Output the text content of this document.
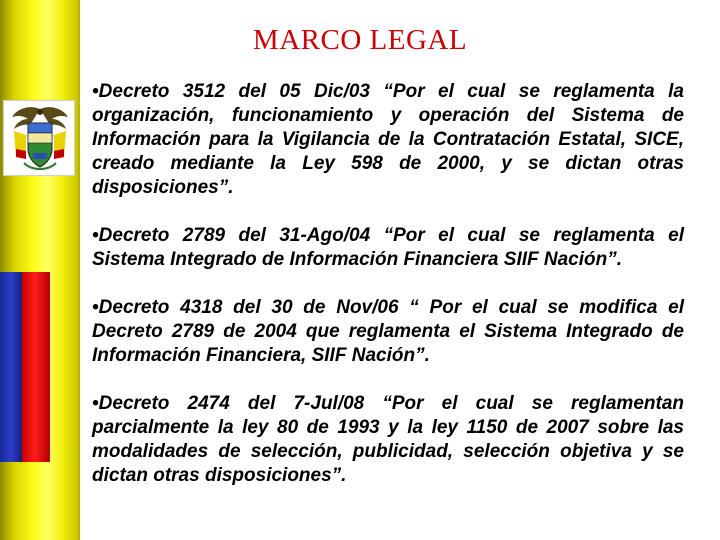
MARCO LEGAL

•Decreto 3512 del 05 Dic/03 “Por el cual se reglamenta la organización, funcionamiento y operación del Sistema de Información para la Vigilancia de la Contratación Estatal, SICE, creado mediante la Ley 598 de 2000, y se dictan otras disposiciones”.

•Decreto 2789 del 31-Ago/04 “Por el cual se reglamenta el Sistema Integrado de Información Financiera SIIF Nación”.

•Decreto 4318 del 30 de Nov/06 “ Por el cual se modifica el Decreto 2789 de 2004 que reglamenta el Sistema Integrado de Información Financiera, SIIF Nación”.

•Decreto 2474 del 7-Jul/08 “Por el cual se reglamentan parcialmente la ley 80 de 1993 y la ley 1150 de 2007 sobre las modalidades de selección, publicidad, selección objetiva y se dictan otras disposiciones”.
